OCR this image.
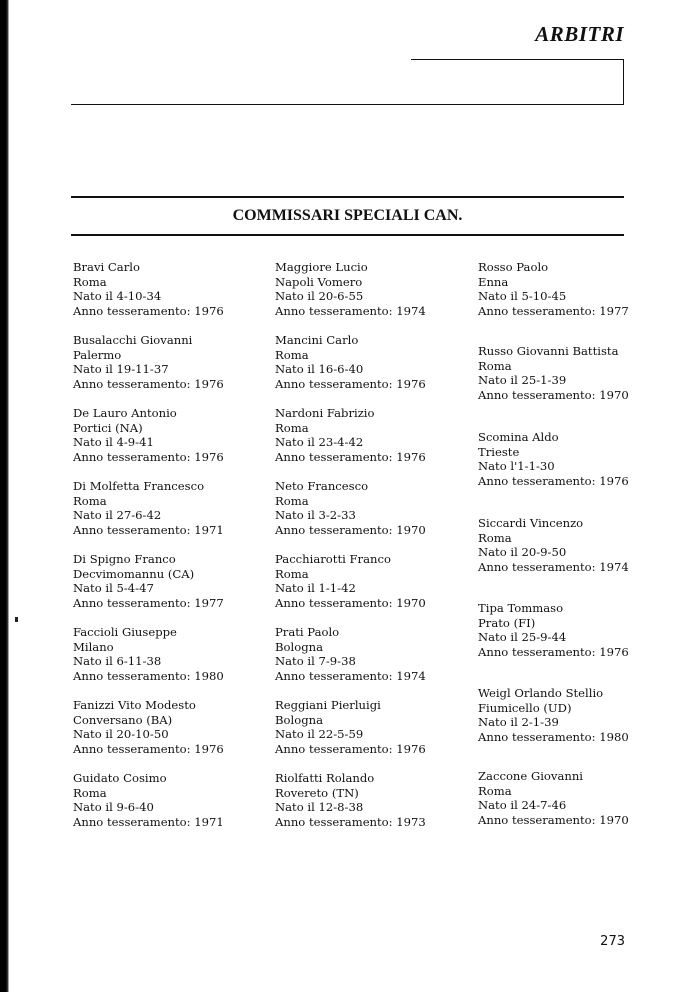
ARBITRI
COMMISSARI SPECIALI CAN.
Bravi Carlo
Roma
Nato il 4-10-34
Anno tesseramento: 1976
Busalacchi Giovanni
Palermo
Nato il 19-11-37
Anno tesseramento: 1976
De Lauro Antonio
Portici (NA)
Nato il 4-9-41
Anno tesseramento: 1976
Di Molfetta Francesco
Roma
Nato il 27-6-42
Anno tesseramento: 1971
Di Spigno Franco
Decvimomannu (CA)
Nato il 5-4-47
Anno tesseramento: 1977
Faccioli Giuseppe
Milano
Nato il 6-11-38
Anno tesseramento: 1980
Fanizzi Vito Modesto
Conversano (BA)
Nato il 20-10-50
Anno tesseramento: 1976
Guidato Cosimo
Roma
Nato il 9-6-40
Anno tesseramento: 1971
Maggiore Lucio
Napoli Vomero
Nato il 20-6-55
Anno tesseramento: 1974
Mancini Carlo
Roma
Nato il 16-6-40
Anno tesseramento: 1976
Nardoni Fabrizio
Roma
Nato il 23-4-42
Anno tesseramento: 1976
Neto Francesco
Roma
Nato il 3-2-33
Anno tesseramento: 1970
Pacchiarotti Franco
Roma
Nato il 1-1-42
Anno tesseramento: 1970
Prati Paolo
Bologna
Nato il 7-9-38
Anno tesseramento: 1974
Reggiani Pierluigi
Bologna
Nato il 22-5-59
Anno tesseramento: 1976
Riolfatti Rolando
Rovereto (TN)
Nato il 12-8-38
Anno tesseramento: 1973
Rosso Paolo
Enna
Nato il 5-10-45
Anno tesseramento: 1977
Russo Giovanni Battista
Roma
Nato il 25-1-39
Anno tesseramento: 1970
Scomina Aldo
Trieste
Nato l'1-1-30
Anno tesseramento: 1976
Siccardi Vincenzo
Roma
Nato il 20-9-50
Anno tesseramento: 1974
Tipa Tommaso
Prato (FI)
Nato il 25-9-44
Anno tesseramento: 1976
Weigl Orlando Stellio
Fiumicello (UD)
Nato il 2-1-39
Anno tesseramento: 1980
Zaccone Giovanni
Roma
Nato il 24-7-46
Anno tesseramento: 1970
273
